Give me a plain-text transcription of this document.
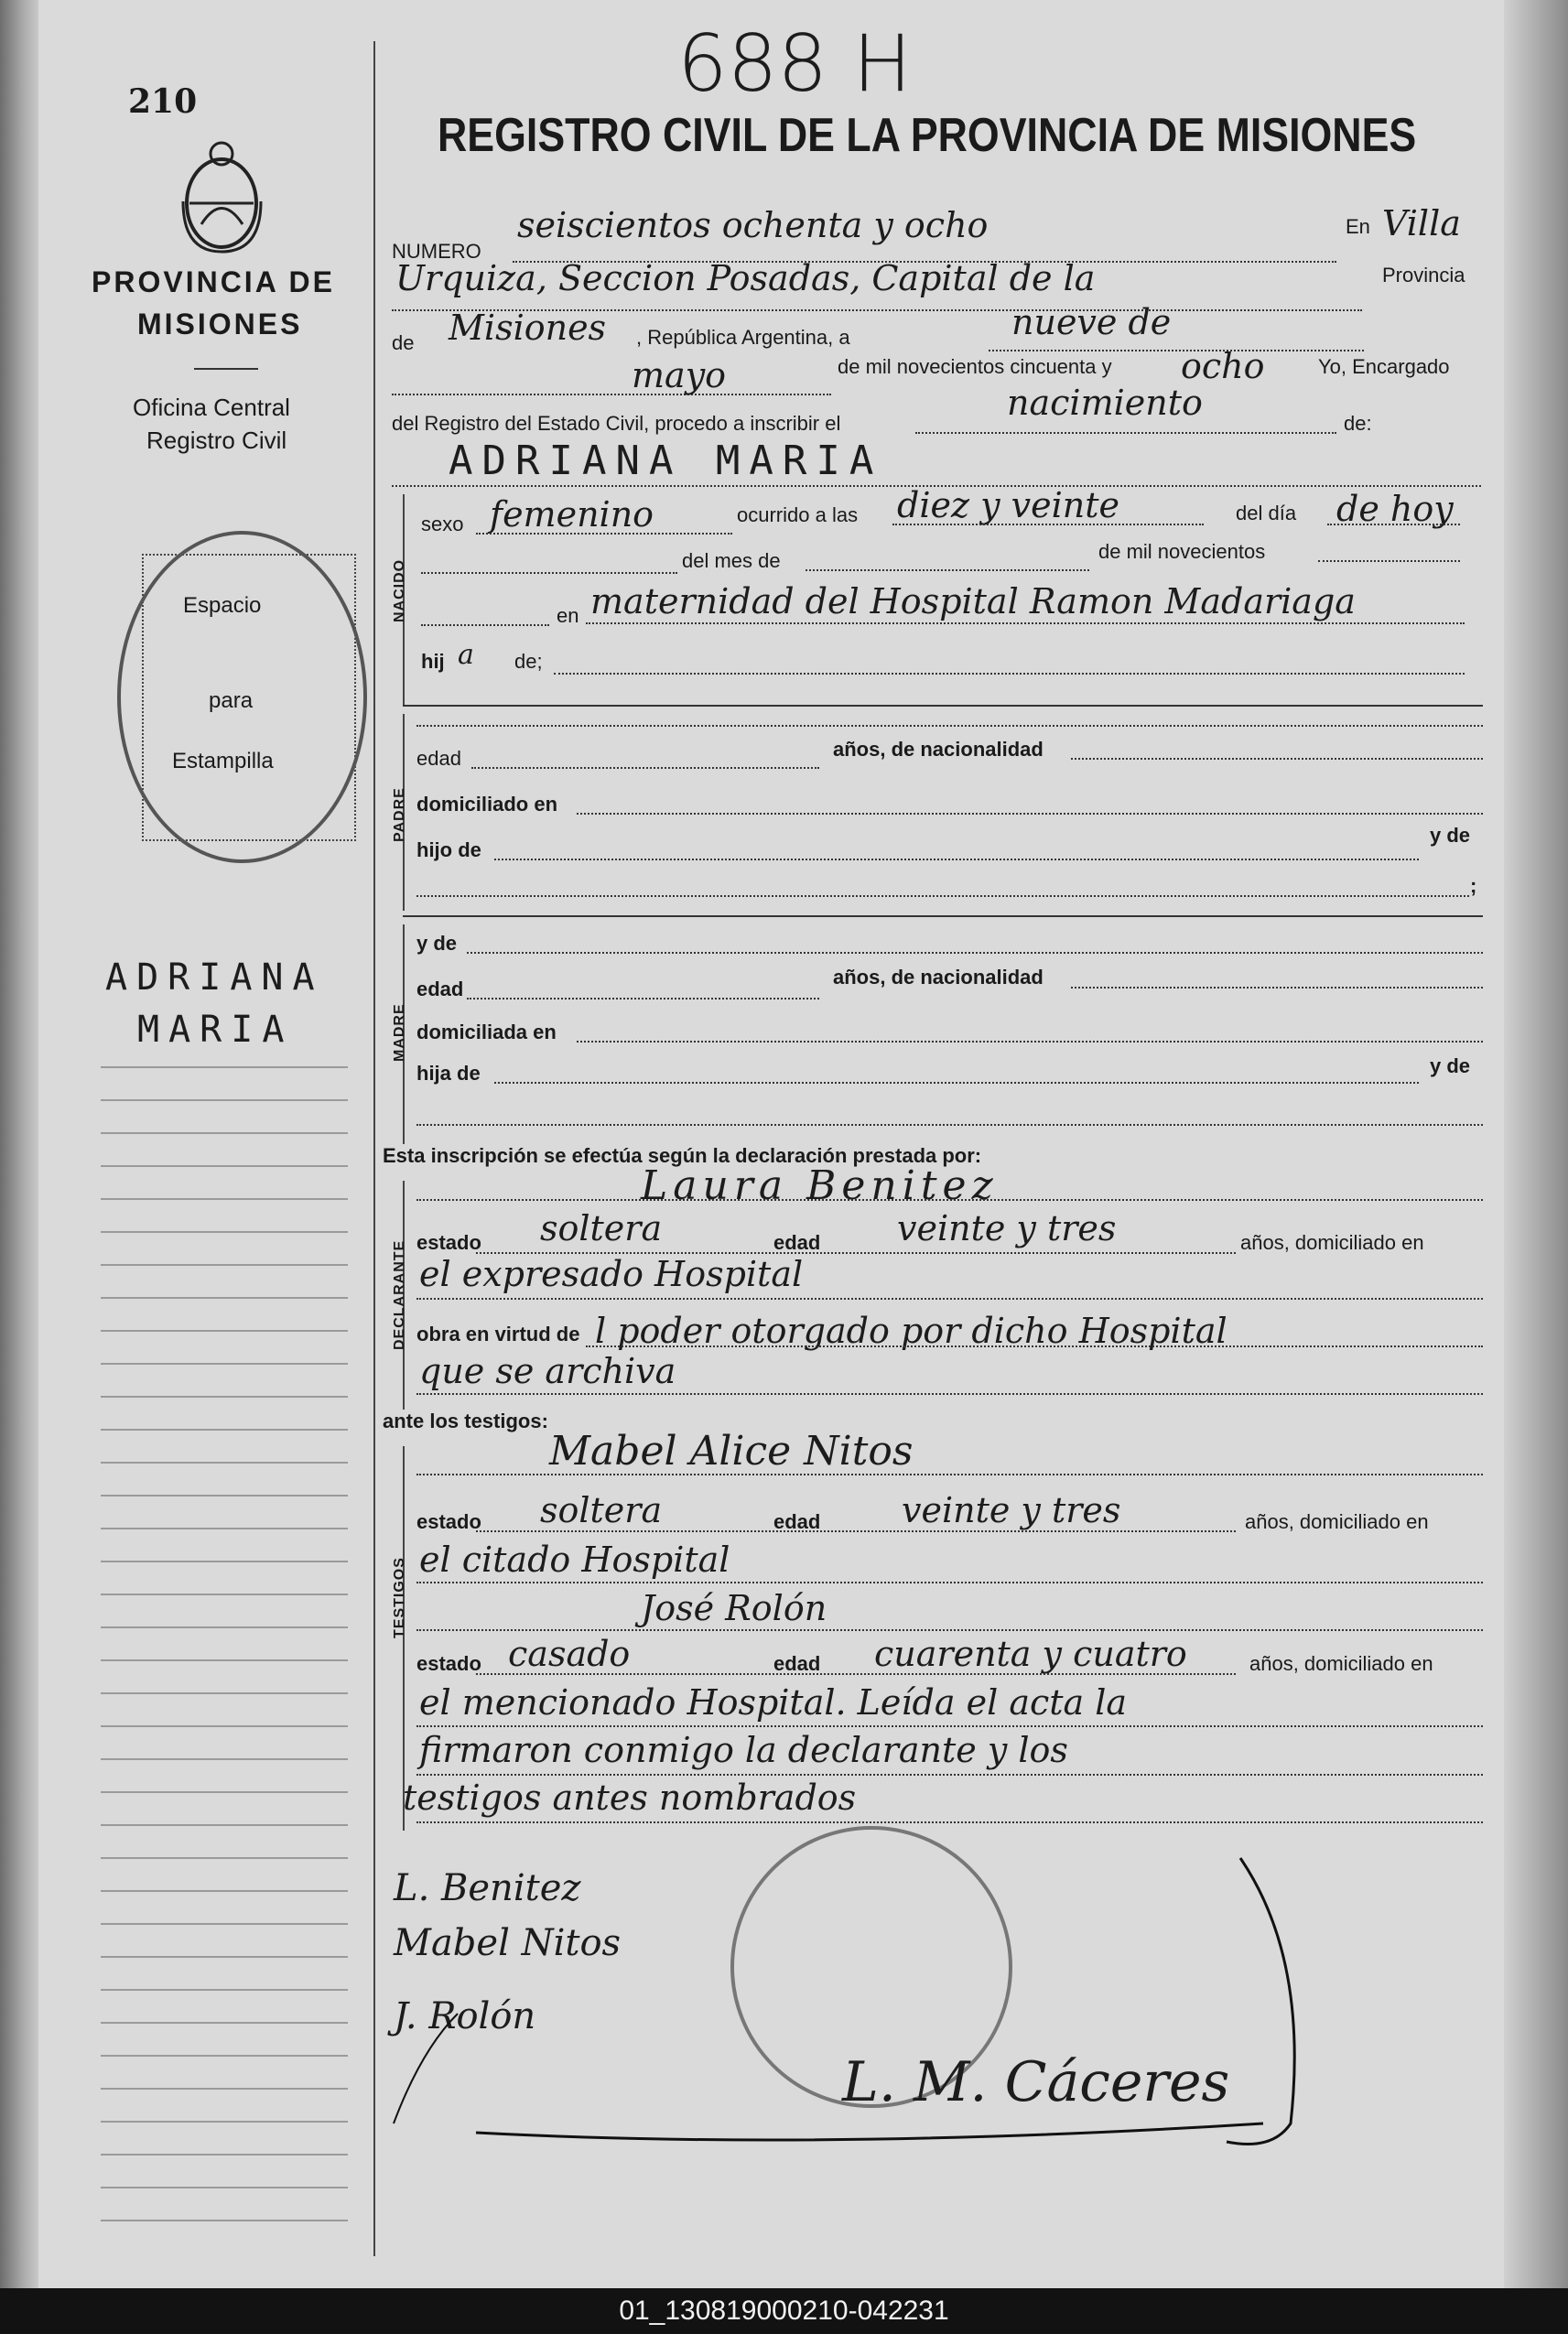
210
PROVINCIA DE
MISIONES
Oficina Central
Registro Civil
Espacio
para
Estampilla
ADRIANA
MARIA
688 H
REGISTRO CIVIL DE LA PROVINCIA DE MISIONES
NUMERO
seiscientos ochenta y ocho	En Villa
Urquiza, Seccion Posadas, Capital de la	Provincia
de Misiones , República Argentina, a	nueve de
mayo	de mil novecientos cincuenta y ocho	Yo, Encargado
del Registro del Estado Civil, procedo a inscribir el
nacimiento
de:
ADRIANA MARIA
NACIDO
sexo femenino	ocurrido a las diez y veinte	del día de hoy
del mes de	de mil novecientos
en maternidad del Hospital Ramon Madariaga
hij a de;
PADRE
edad	años, de nacionalidad
domiciliado en
hijo de
y de
;
MADRE
y de
edad
años, de nacionalidad
domiciliada en
hija de	y de
Esta inscripción se efectúa según la declaración prestada por:
DECLARANTE
Laura Benitez
estado soltera	edad veinte y tres	años, domiciliado en
el expresado Hospital
obra en virtud de l poder otorgado por dicho Hospital
que se archiva
ante los testigos:
TESTIGOS
Mabel Alice Nitos
estado soltera	edad veinte y tres	años, domiciliado en
el citado Hospital
José Rolón
estado casado	edad cuarenta y cuatro	años, domiciliado en
el mencionado Hospital. Leída el acta la
firmaron conmigo la declarante y los
testigos antes nombrados
L. Benitez
Mabel Nitos
J. Rolón
L. M. Cáceres
01_130819000210-042231
